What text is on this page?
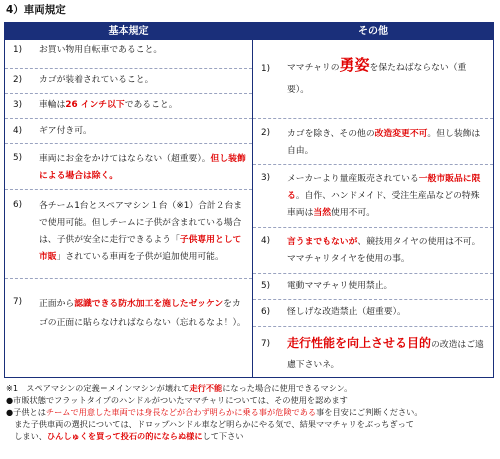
4）車両規定
基本規定	その他
1)	お買い物用自転車であること。
2)	カゴが装着されていること。
3)	車輪は26 インチ以下であること。
4)	ギア付き可。
5)	車両にお金をかけてはならない（超重要）。但し装飾による場合は除く。
6)	各チーム1台とスペアマシン１台（※1）合計２台まで使用可能。但しチームに子供が含まれている場合は、子供が安全に走行できるよう「子供専用として市販」されている車両を子供が追加使用可能。
7)	正面から認識できる防水加工を施したゼッケンをカゴの正面に貼らなければならない（忘れるなよ！）。
1)	ママチャリの勇姿を保たねばならない（重要）。
2)	カゴを除き、その他の改造変更不可。但し装飾は自由。
3)	メーカーより量産販売されている一般市販品に限る。自作、ハンドメイド、受注生産品などの特殊車両は当然使用不可。
4)	言うまでもないが、競技用タイヤの使用は不可。ママチャリタイヤを使用の事。
5)	電動ママチャリ使用禁止。
6)	怪しげな改造禁止（超重要）。
7)	走行性能を向上させる目的の改造はご遠慮下さいネ。
※1　スペアマシンの定義＝メインマシンが壊れて走行不能になった場合に使用できるマシン。
●市販状態でフラットタイプのハンドルがついたママチャリについては、その使用を認めます
●子供とはチームで用意した車両では身長などが合わず明らかに乗る事が危険である事を目安にご判断ください。
　また子供車両の選択については、ドロップハンドル車など明らかにやる気で、結果ママチャリをぶっちぎって
　しまい、ひんしゅくを買って投石の的にならぬ様にして下さい
